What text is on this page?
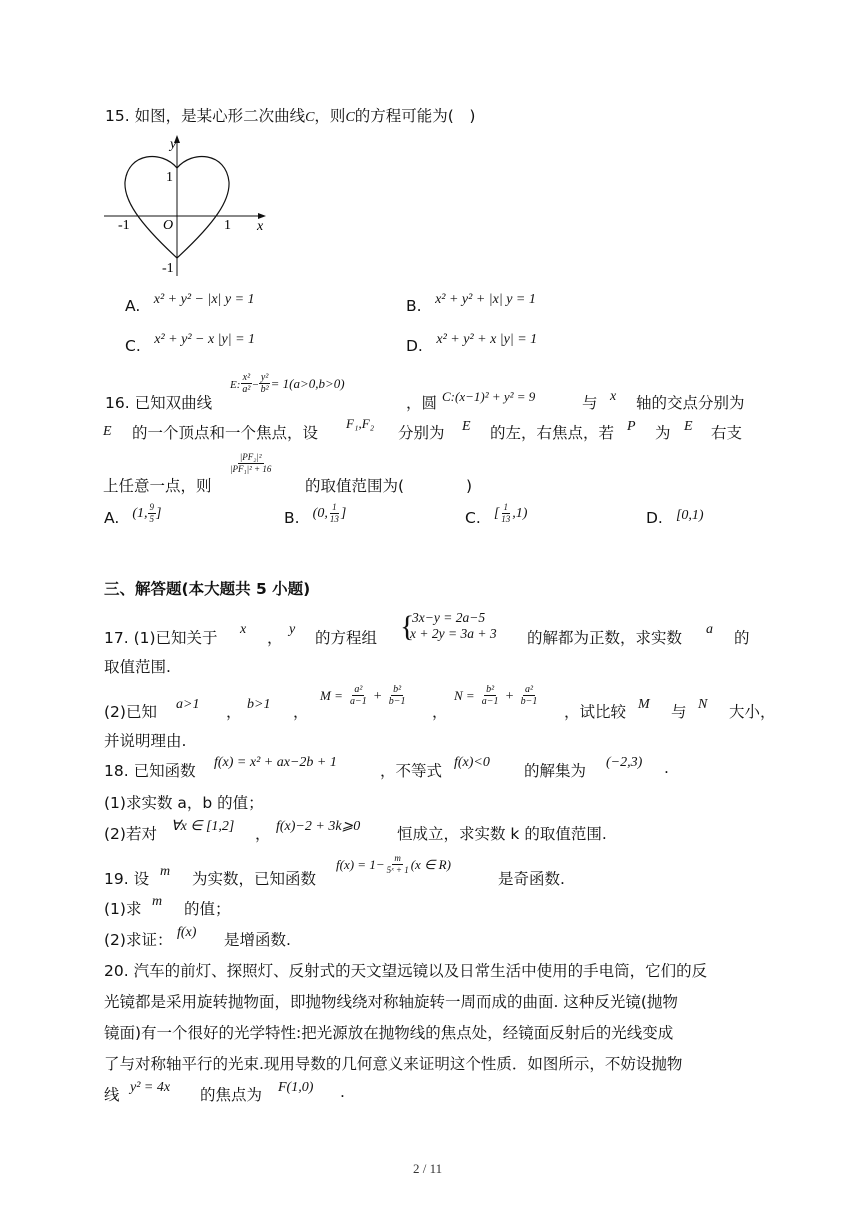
15. 如图，是某心形二次曲线C，则C的方程可能为(　)
y
x
O
1
-1
-1	1
A. x² + y² − |x| y = 1	B. x² + y² + |x| y = 1
C. x² + y² − x |y| = 1	D. x² + y² + x |y| = 1
16. 已知双曲线
E: $\frac{\text{x²}}{\text{a²}} - \frac{\text{y²}}{\text{b²}} = 1(a>0,b>0)$
，圆 C:(x−1)² + y² = 9	与 x 轴的交点分别为
E 的一个顶点和一个焦点，设
F₁,F₂
分别为 E 的左，右焦点，若 P 为 E 右支
上任意一点，则
$\frac{\text{|PF₂|²}}{\text{|PF₁|² + 16}}$
的取值范围为(　　　　)
A. (1, $\frac{9}{5}$ ]	B. (0, $\frac{1}{13}$ ]	C. [ $\frac{1}{13} ,1$)	D. [0,1)
三、解答题(本大题共 5 小题)
17. (1)已知关于 x ， y 的方程组 {
3x−y = 2a−5
x + 2y = 3a + 3 的解都为正数，求实数 a 的
取值范围.
(2)已知 a>1 ， b>1 ，
$M = \frac{\text{a²}}{a-1} + \frac{\text{b²}}{b-1}$
，
$N = \frac{\text{b²}}{a-1} + \frac{\text{a²}}{b-1}$
，试比较 M 与 N 大小，
并说明理由.
18. 已知函数 f(x) = x² + ax−2b + 1	，不等式 f(x)<0 的解集为 (−2,3) .
(1)求实数 a，b 的值；
(2)若对 ∀x ∈ [1,2] ， f(x)−2 + 3k⩾0 恒成立，求实数 k 的取值范围.
19. 设 m 为实数，已知函数
$f(x) = 1- \frac{m}{\text{5ˣ + 1}} (x$ ∈ R)
是奇函数.
(1)求 m 的值；
(2)求证： f(x) 是增函数.
20. 汽车的前灯、探照灯、反射式的天文望远镜以及日常生活中使用的手电筒，它们的反
光镜都是采用旋转抛物面，即抛物线绕对称轴旋转一周而成的曲面. 这种反光镜(抛物
镜面)有一个很好的光学特性:把光源放在抛物线的焦点处，经镜面反射后的光线变成
了与对称轴平行的光束.现用导数的几何意义来证明这个性质．如图所示，不妨设抛物
线 y² = 4x 的焦点为 F(1,0) .
2 / 11
